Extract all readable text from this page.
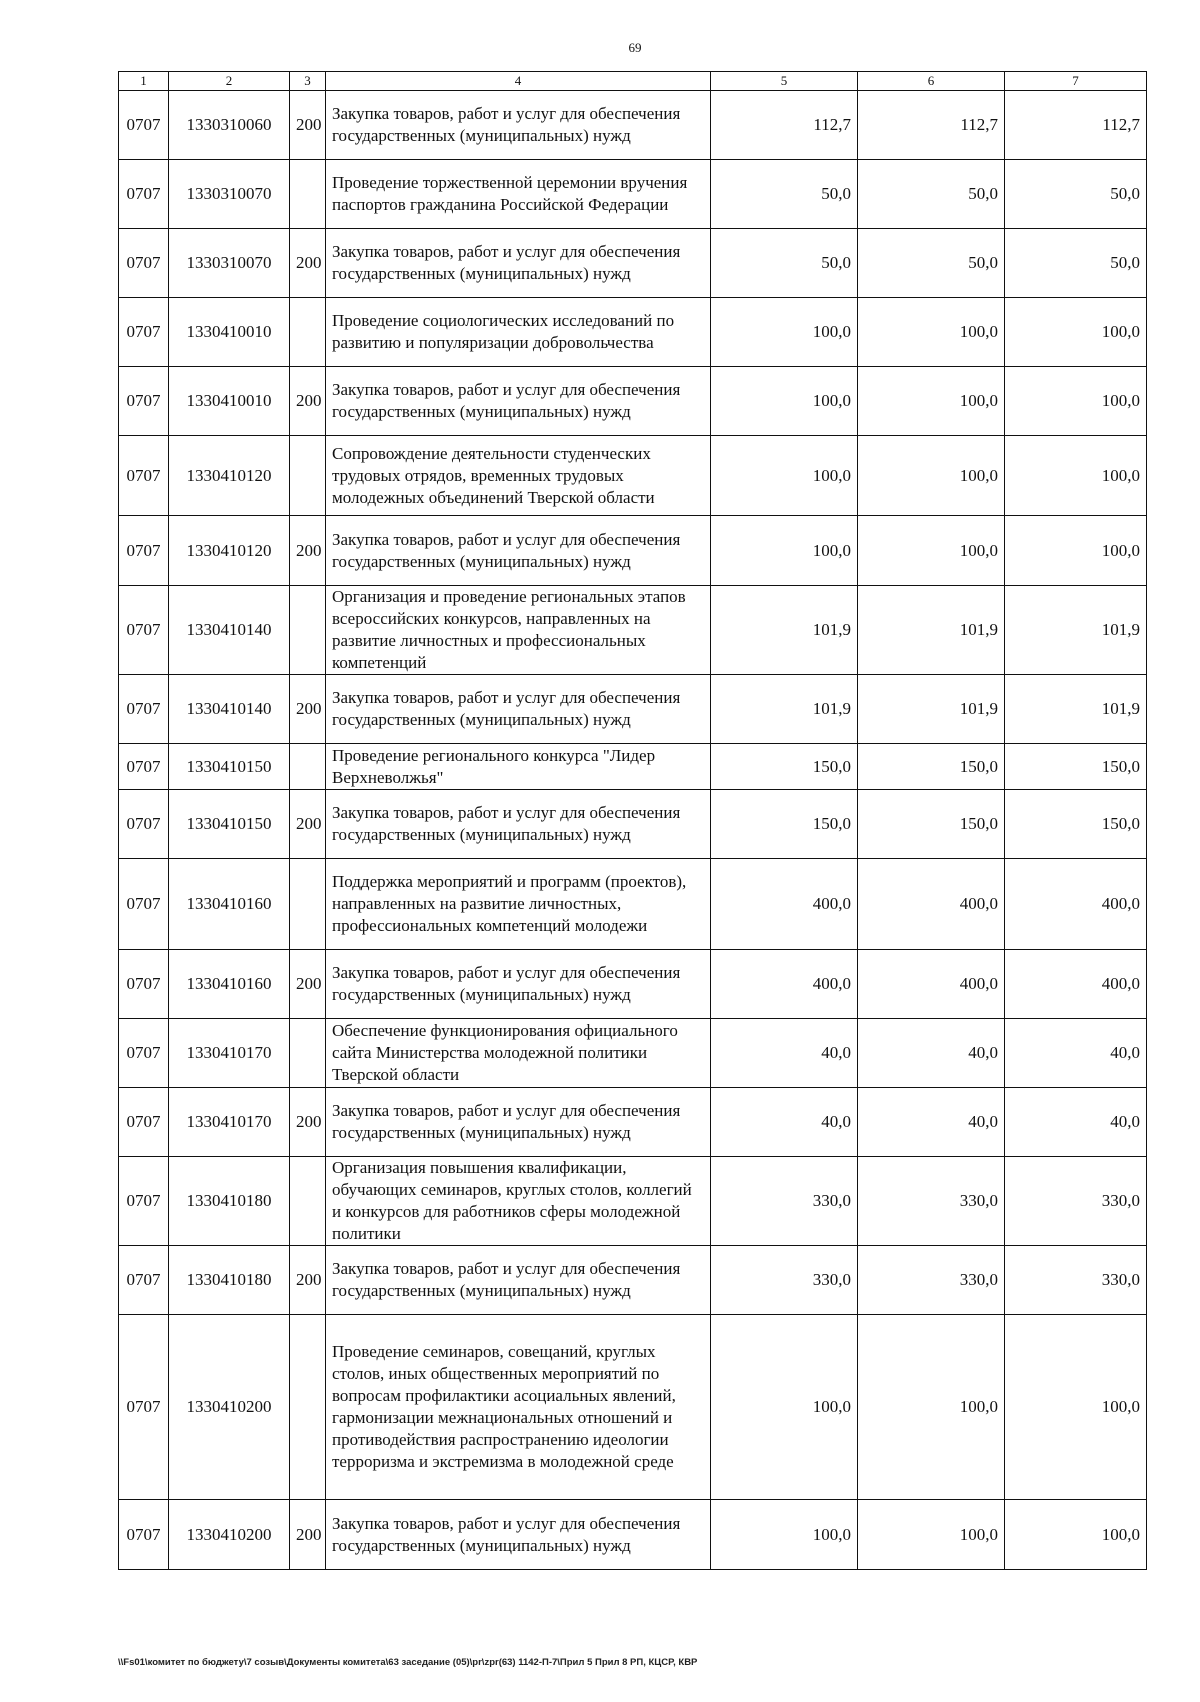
69
1	2	3	4	5	6	7
0707	1330310060	200	Закупка товаров, работ и услуг для обеспечения государственных (муниципальных) нужд	112,7	112,7	112,7
0707	1330310070		Проведение торжественной церемонии вручения паспортов гражданина Российской Федерации	50,0	50,0	50,0
0707	1330310070	200	Закупка товаров, работ и услуг для обеспечения государственных (муниципальных) нужд	50,0	50,0	50,0
0707	1330410010		Проведение социологических исследований по развитию и популяризации добровольчества	100,0	100,0	100,0
0707	1330410010	200	Закупка товаров, работ и услуг для обеспечения государственных (муниципальных) нужд	100,0	100,0	100,0
0707	1330410120		Сопровождение деятельности студенческих трудовых отрядов, временных трудовых молодежных объединений Тверской области	100,0	100,0	100,0
0707	1330410120	200	Закупка товаров, работ и услуг для обеспечения государственных (муниципальных) нужд	100,0	100,0	100,0
0707	1330410140		Организация и проведение региональных этапов всероссийских конкурсов, направленных на развитие личностных и профессиональных компетенций	101,9	101,9	101,9
0707	1330410140	200	Закупка товаров, работ и услуг для обеспечения государственных (муниципальных) нужд	101,9	101,9	101,9
0707	1330410150		Проведение регионального конкурса "Лидер Верхневолжья"	150,0	150,0	150,0
0707	1330410150	200	Закупка товаров, работ и услуг для обеспечения государственных (муниципальных) нужд	150,0	150,0	150,0
0707	1330410160		Поддержка мероприятий и программ (проектов), направленных на развитие личностных, профессиональных компетенций молодежи	400,0	400,0	400,0
0707	1330410160	200	Закупка товаров, работ и услуг для обеспечения государственных (муниципальных) нужд	400,0	400,0	400,0
0707	1330410170		Обеспечение функционирования официального сайта Министерства молодежной политики Тверской области	40,0	40,0	40,0
0707	1330410170	200	Закупка товаров, работ и услуг для обеспечения государственных (муниципальных) нужд	40,0	40,0	40,0
0707	1330410180		Организация повышения квалификации, обучающих семинаров, круглых столов, коллегий и конкурсов для работников сферы молодежной политики	330,0	330,0	330,0
0707	1330410180	200	Закупка товаров, работ и услуг для обеспечения государственных (муниципальных) нужд	330,0	330,0	330,0
0707	1330410200		Проведение семинаров, совещаний, круглых столов, иных общественных мероприятий по вопросам профилактики асоциальных явлений, гармонизации межнациональных отношений и противодействия распространению идеологии терроризма и экстремизма в молодежной среде	100,0	100,0	100,0
0707	1330410200	200	Закупка товаров, работ и услуг для обеспечения государственных (муниципальных) нужд	100,0	100,0	100,0
\\Fs01\комитет по бюджету\7 созыв\Документы комитета\63 заседание (05)\pr\zpr(63) 1142-П-7\Прил 5 Прил 8 РП, КЦСР, КВР
